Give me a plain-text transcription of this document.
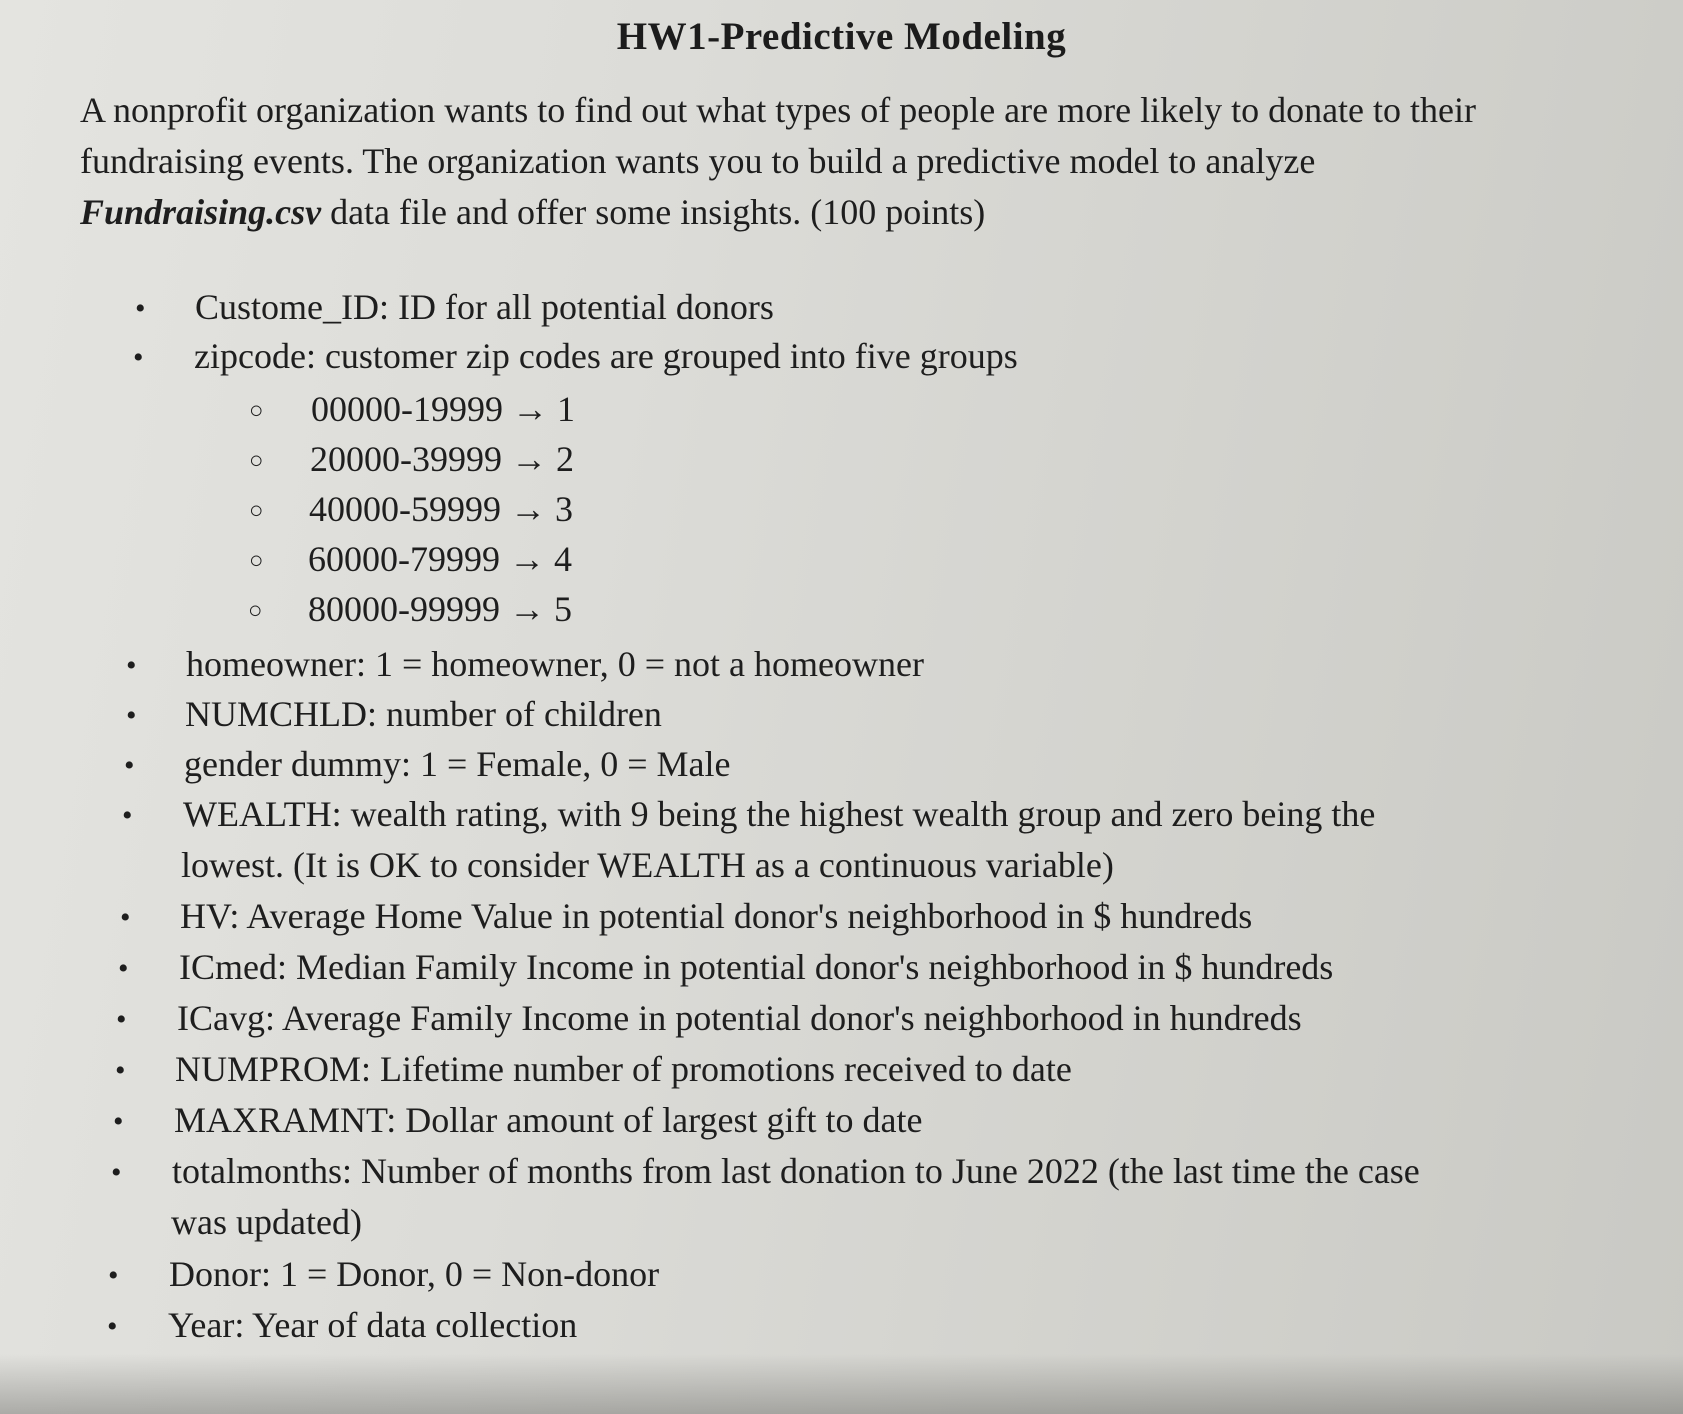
HW1-Predictive Modeling
A nonprofit organization wants to find out what types of people are more likely to donate to their
fundraising events. The organization wants you to build a predictive model to analyze
Fundraising.csv data file and offer some insights. (100 points)
• Custome_ID: ID for all potential donors
• zipcode: customer zip codes are grouped into five groups
○ 00000-19999 → 1
○ 20000-39999 → 2
○ 40000-59999 → 3
○ 60000-79999 → 4
○ 80000-99999 → 5
• homeowner: 1 = homeowner, 0 = not a homeowner
• NUMCHLD: number of children
• gender dummy: 1 = Female, 0 = Male
• WEALTH: wealth rating, with 9 being the highest wealth group and zero being the
lowest. (It is OK to consider WEALTH as a continuous variable)
• HV: Average Home Value in potential donor's neighborhood in $ hundreds
• ICmed: Median Family Income in potential donor's neighborhood in $ hundreds
• ICavg: Average Family Income in potential donor's neighborhood in hundreds
• NUMPROM: Lifetime number of promotions received to date
• MAXRAMNT: Dollar amount of largest gift to date
• totalmonths: Number of months from last donation to June 2022 (the last time the case
was updated)
• Donor: 1 = Donor, 0 = Non-donor
• Year: Year of data collection
